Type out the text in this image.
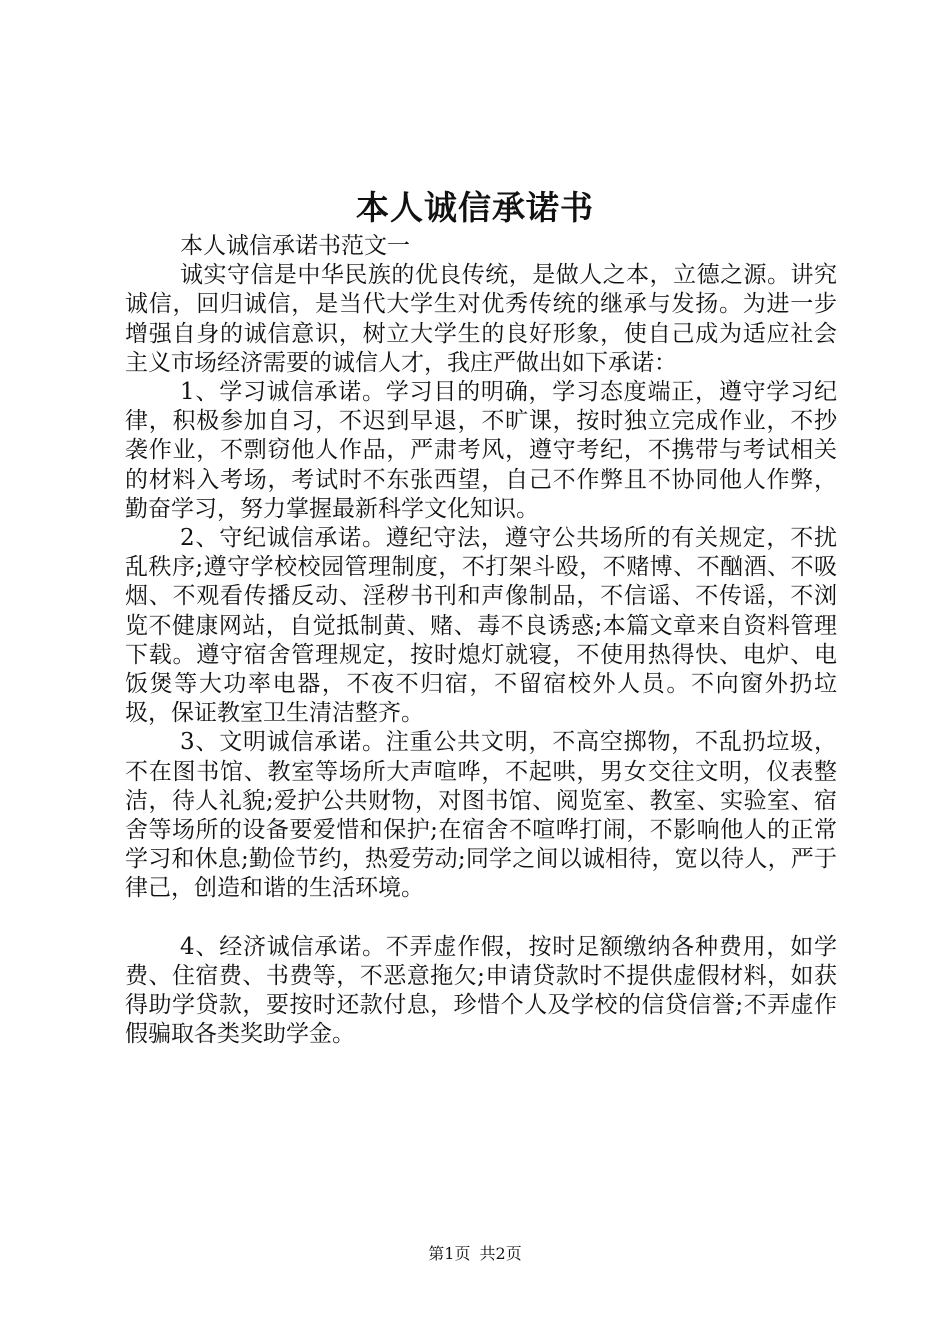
本人诚信承诺书

本人诚信承诺书范文一

诚实守信是中华民族的优良传统，是做人之本，立德之源。讲究诚信，回归诚信，是当代大学生对优秀传统的继承与发扬。为进一步增强自身的诚信意识，树立大学生的良好形象，使自己成为适应社会主义市场经济需要的诚信人才，我庄严做出如下承诺：

1、学习诚信承诺。学习目的明确，学习态度端正，遵守学习纪律，积极参加自习，不迟到早退，不旷课，按时独立完成作业，不抄袭作业，不剽窃他人作品，严肃考风，遵守考纪，不携带与考试相关的材料入考场，考试时不东张西望，自己不作弊且不协同他人作弊，勤奋学习，努力掌握最新科学文化知识。

2、守纪诚信承诺。遵纪守法，遵守公共场所的有关规定，不扰乱秩序;遵守学校校园管理制度，不打架斗殴，不赌博、不酗酒、不吸烟、不观看传播反动、淫秽书刊和声像制品，不信谣、不传谣，不浏览不健康网站，自觉抵制黄、赌、毒不良诱惑;本篇文章来自资料管理下载。遵守宿舍管理规定，按时熄灯就寝，不使用热得快、电炉、电饭煲等大功率电器，不夜不归宿，不留宿校外人员。不向窗外扔垃圾，保证教室卫生清洁整齐。

3、文明诚信承诺。注重公共文明，不高空掷物，不乱扔垃圾，不在图书馆、教室等场所大声喧哗，不起哄，男女交往文明，仪表整洁，待人礼貌;爱护公共财物，对图书馆、阅览室、教室、实验室、宿舍等场所的设备要爱惜和保护;在宿舍不喧哗打闹，不影响他人的正常学习和休息;勤俭节约，热爱劳动;同学之间以诚相待，宽以待人，严于律己，创造和谐的生活环境。

4、经济诚信承诺。不弄虚作假，按时足额缴纳各种费用，如学费、住宿费、书费等，不恶意拖欠;申请贷款时不提供虚假材料，如获得助学贷款，要按时还款付息，珍惜个人及学校的信贷信誉;不弄虚作假骗取各类奖助学金。

第1页 共2页
